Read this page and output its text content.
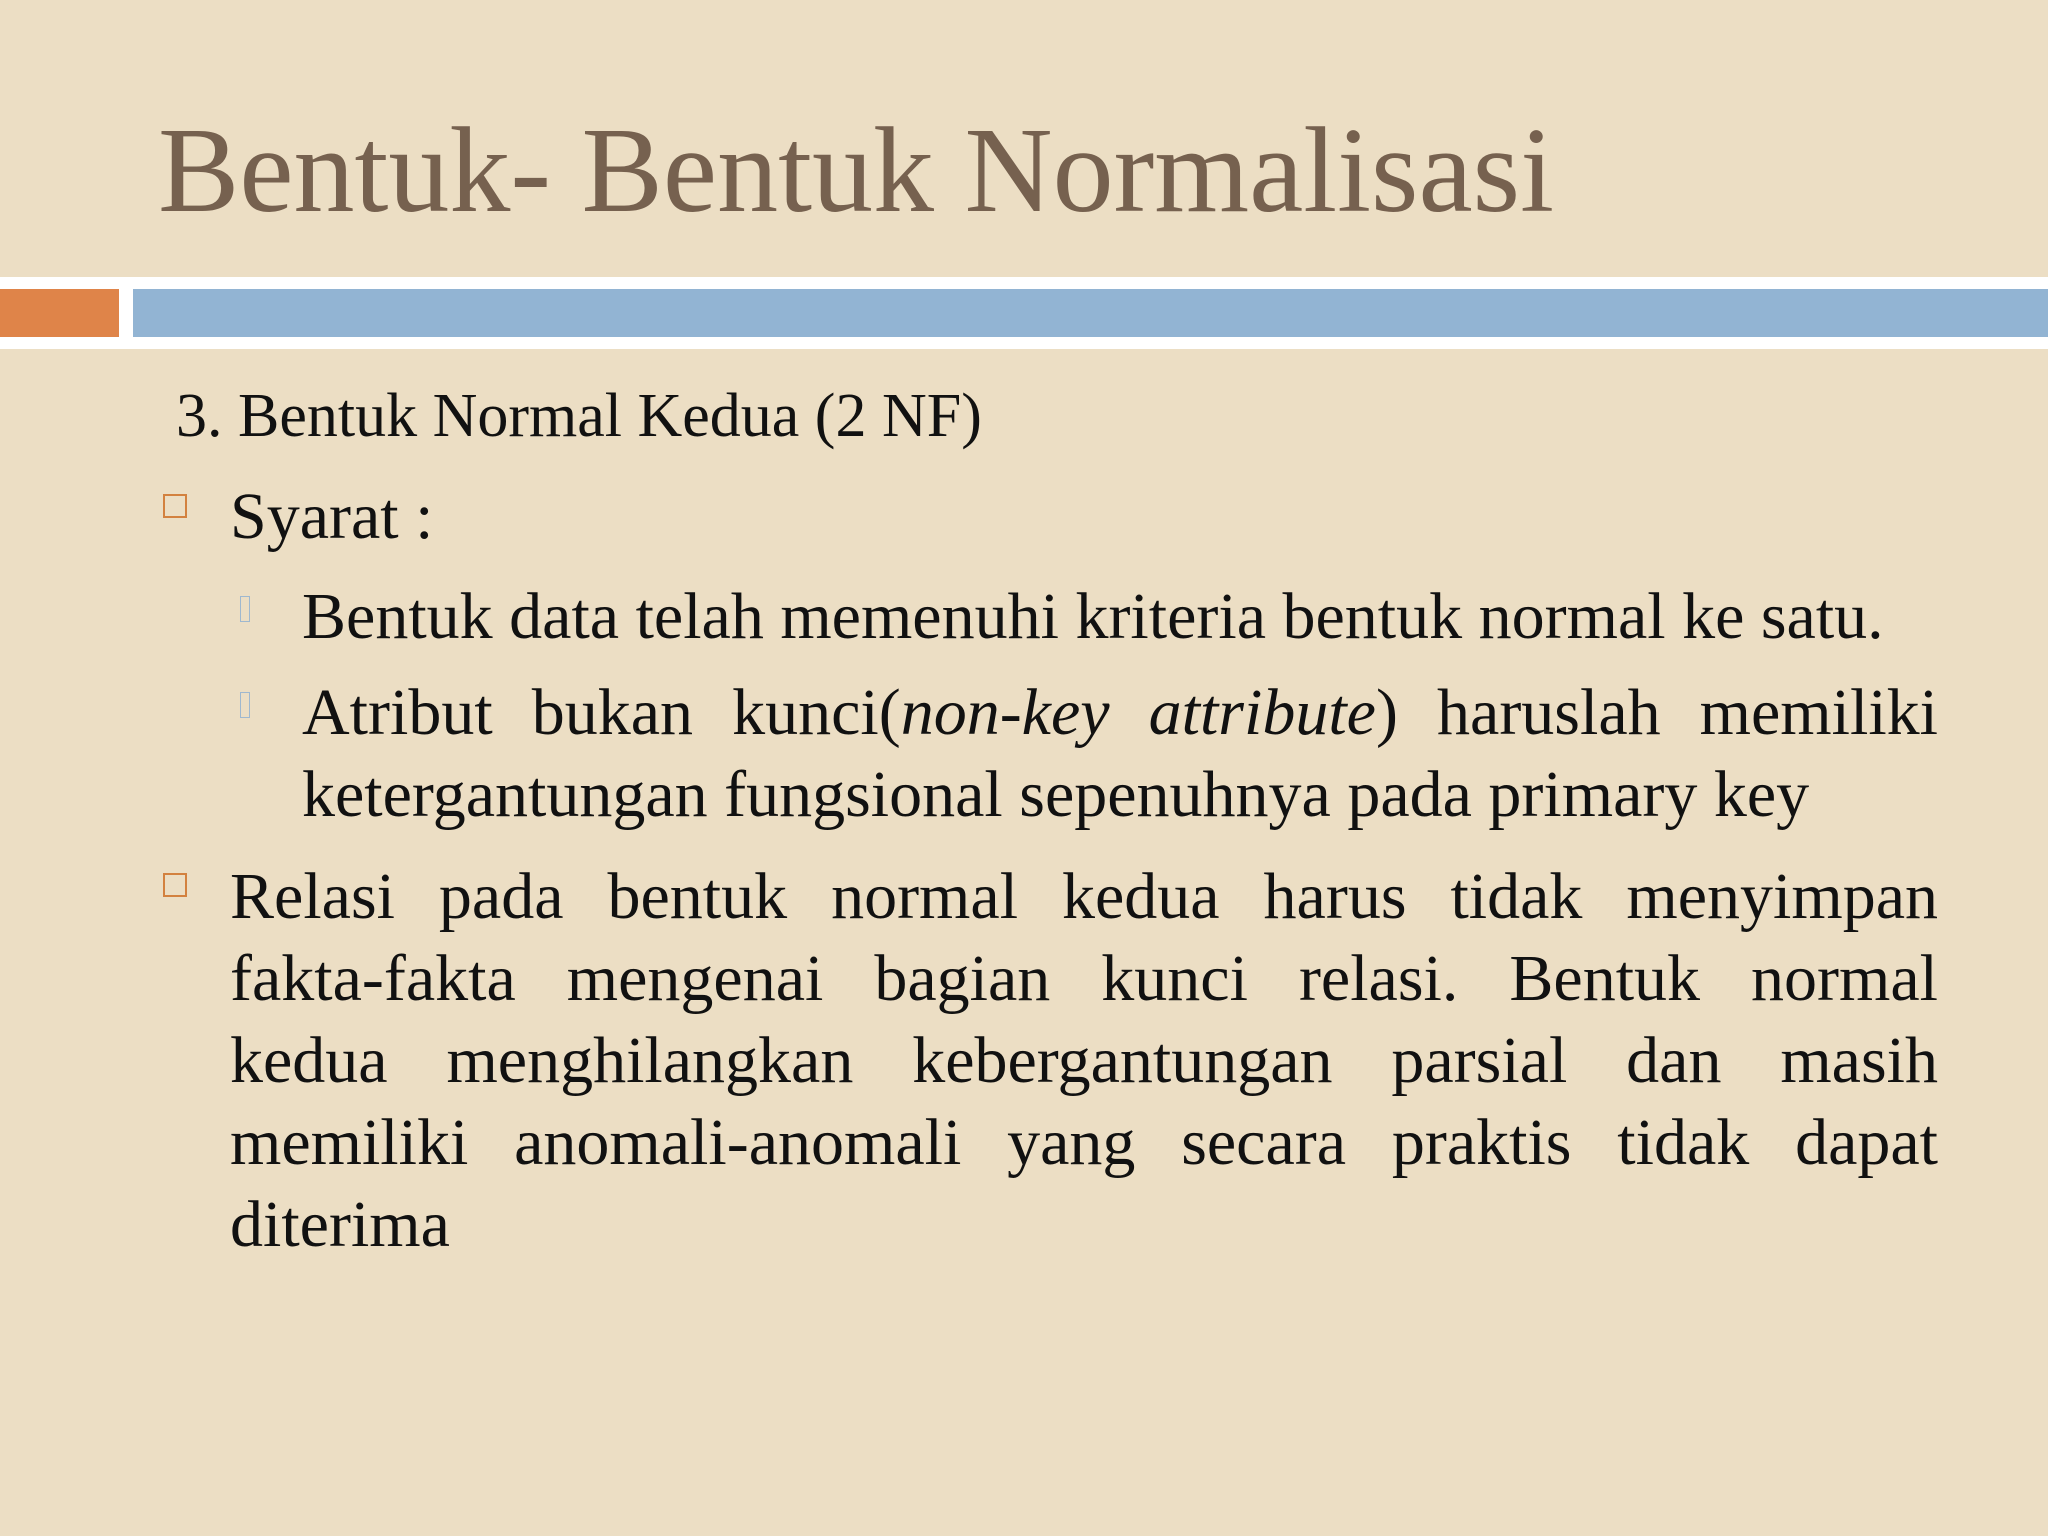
Bentuk- Bentuk Normalisasi
3. Bentuk Normal Kedua (2 NF)
Syarat :
Bentuk data telah memenuhi kriteria bentuk normal ke satu.
Atribut bukan kunci(non-key attribute) haruslah memiliki
ketergantungan fungsional sepenuhnya pada primary key
Relasi pada bentuk normal kedua harus tidak menyimpan
fakta-fakta mengenai bagian kunci relasi. Bentuk normal
kedua menghilangkan kebergantungan parsial dan masih
memiliki anomali-anomali yang secara praktis tidak dapat
diterima
